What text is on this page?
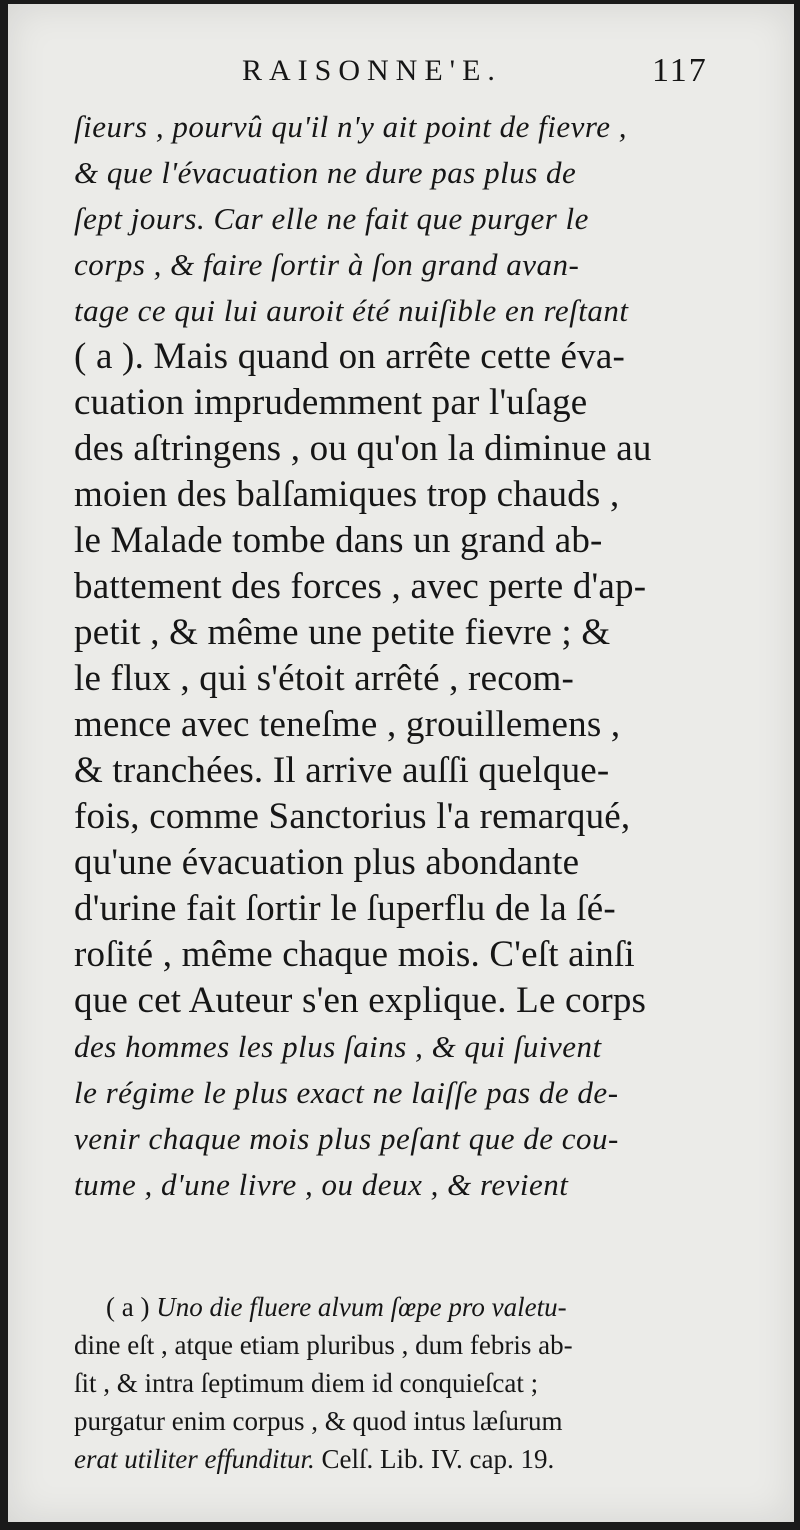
RAISONNE'E.	117

ſieurs , pourvû qu'il n'y ait point de fievre ,

& que l'évacuation ne dure pas plus de

ſept jours. Car elle ne fait que purger le

corps , & faire ſortir à ſon grand avan-

tage ce qui lui auroit été nuiſible en reſtant

( a ). Mais quand on arrête cette éva-

cuation imprudemment par l'uſage

des aſtringens , ou qu'on la diminue au

moien des balſamiques trop chauds ,

le Malade tombe dans un grand ab-

battement des forces , avec perte d'ap-

petit , & même une petite fievre ; &

le flux , qui s'étoit arrêté , recom-

mence avec teneſme , grouillemens ,

& tranchées. Il arrive auſſi quelque-

fois, comme Sanctorius l'a remarqué,

qu'une évacuation plus abondante

d'urine fait ſortir le ſuperflu de la ſé-

roſité , même chaque mois. C'eſt ainſi

que cet Auteur s'en explique. Le corps

des hommes les plus ſains , & qui ſuivent

le régime le plus exact ne laiſſe pas de de-

venir chaque mois plus peſant que de cou-

tume , d'une livre , ou deux , & revient

( a ) Uno die fluere alvum ſœpe pro valetu-

dine eſt , atque etiam pluribus , dum febris ab-

ſit , & intra ſeptimum diem id conquieſcat ;

purgatur enim corpus , & quod intus læſurum

erat utiliter effunditur. Celſ. Lib. IV. cap. 19.
